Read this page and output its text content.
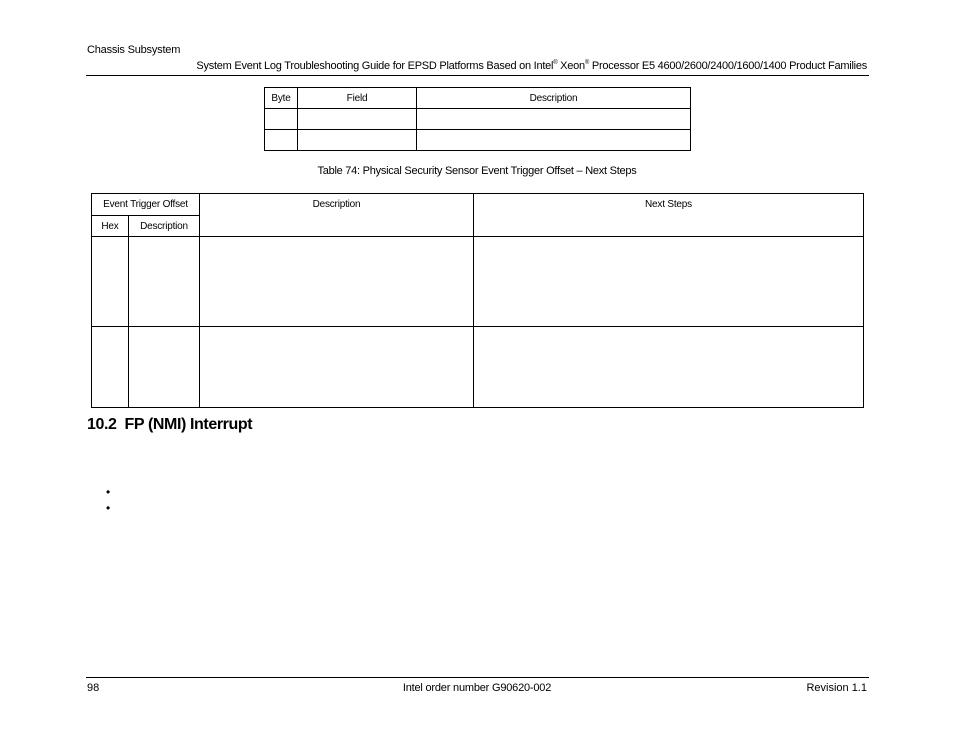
Chassis Subsystem
System Event Log Troubleshooting Guide for EPSD Platforms Based on Intel® Xeon® Processor E5 4600/2600/2400/1600/1400 Product Families
Byte	Field	Description

Table 74: Physical Security Sensor Event Trigger Offset – Next Steps
Event Trigger Offset		Description	Next Steps
Hex	Description		

10.2 FP (NMI) Interrupt
•
•
98	Intel order number G90620-002	Revision 1.1
